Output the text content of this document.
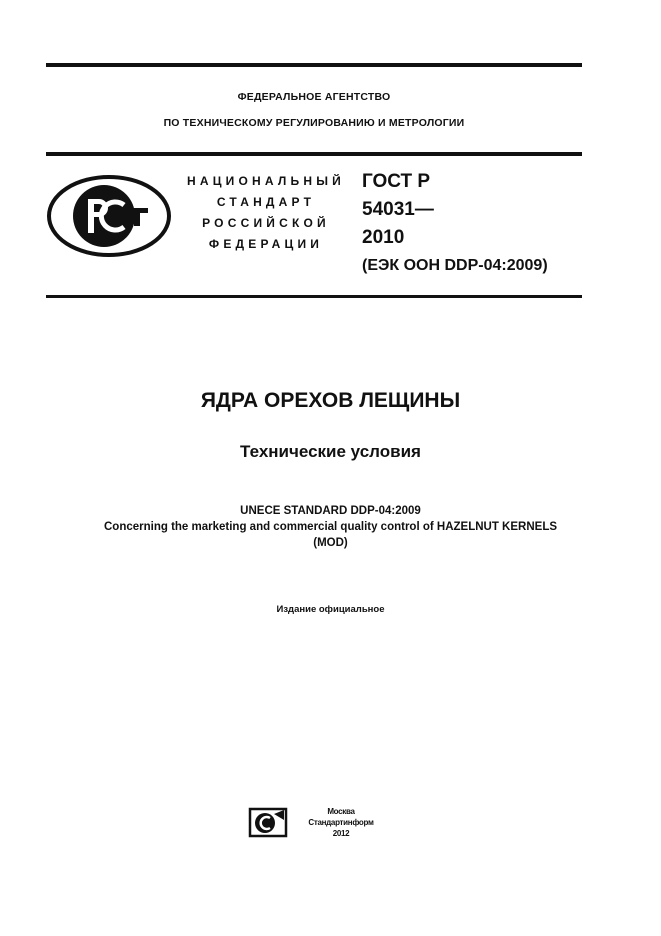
ФЕДЕРАЛЬНОЕ АГЕНТСТВО
ПО ТЕХНИЧЕСКОМУ РЕГУЛИРОВАНИЮ И МЕТРОЛОГИИ
НАЦИОНАЛЬНЫЙ
СТАНДАРТ
РОССИЙСКОЙ
ФЕДЕРАЦИИ
ГОСТ Р
54031—
2010
(ЕЭК ООН DDP-04:2009)
ЯДРА ОРЕХОВ ЛЕЩИНЫ
Технические условия
UNECE STANDARD DDP-04:2009
Concerning the marketing and commercial quality control of HAZELNUT KERNELS
(MOD)
Издание официальное
Москва
Стандартинформ
2012
